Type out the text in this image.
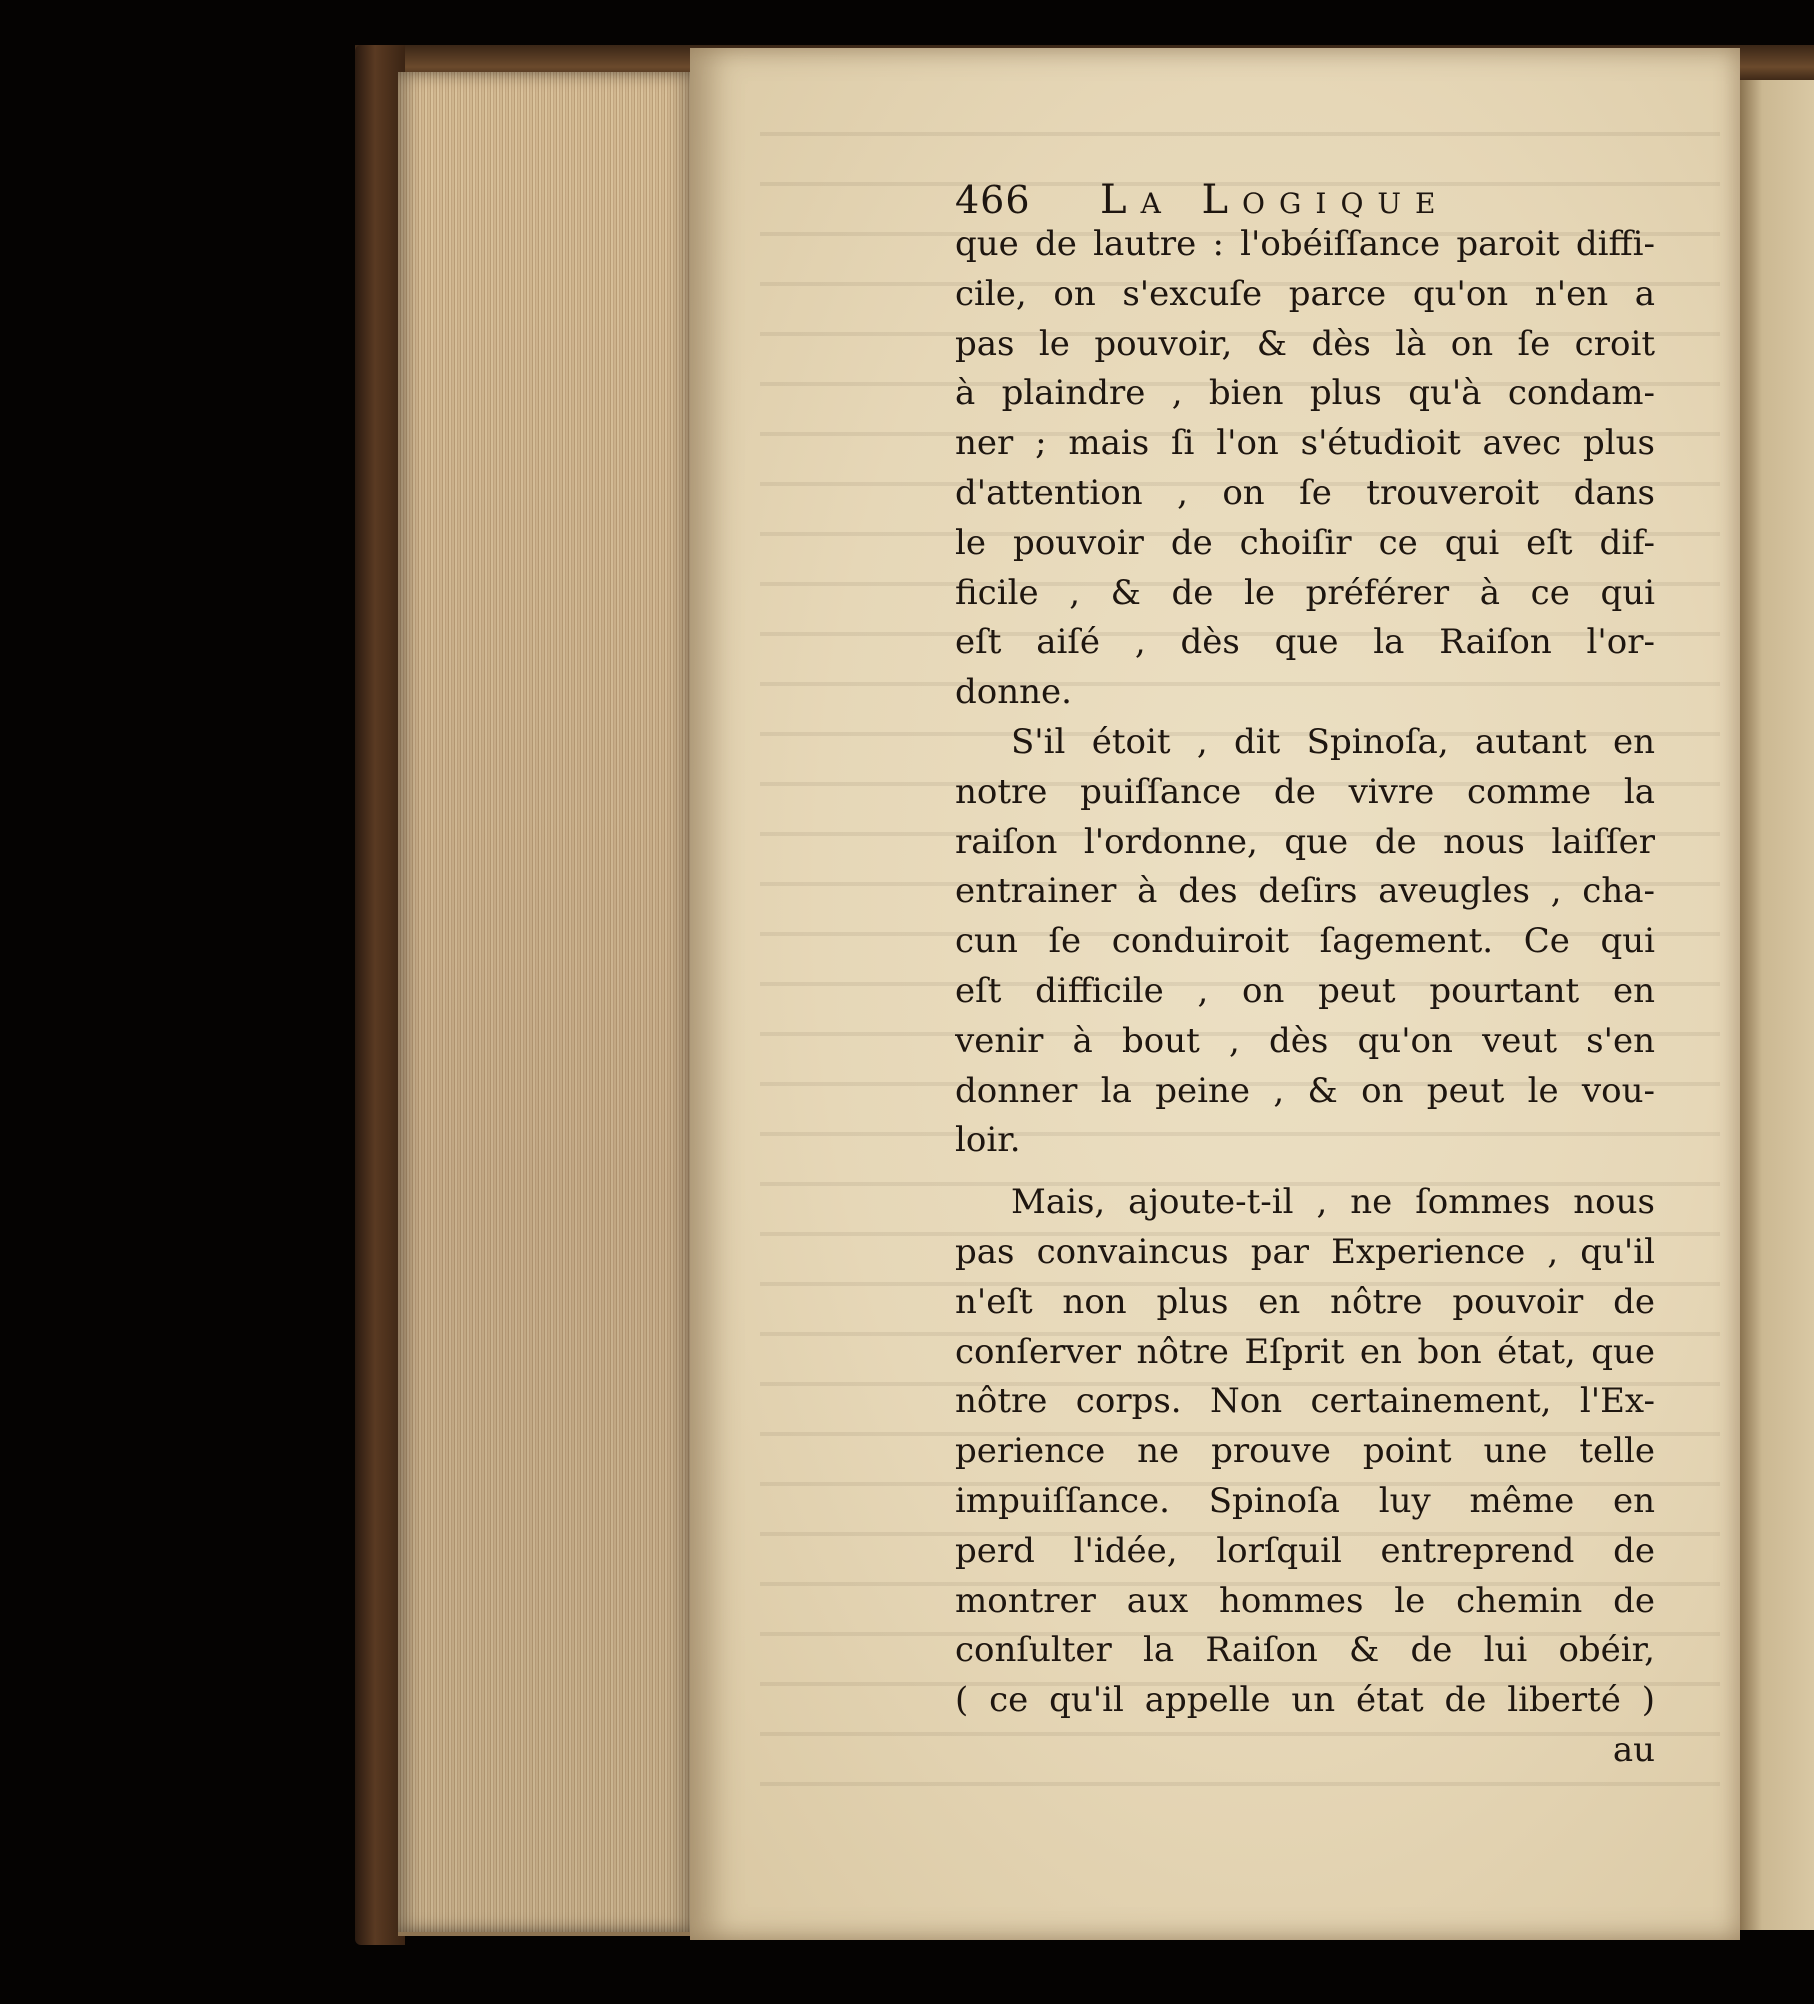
466	La Logique
que de lautre : l'obéiſſance paroit diffi-
cile, on s'excuſe parce qu'on n'en a
pas le pouvoir, & dès là on ſe croit
à plaindre , bien plus qu'à condam-
ner ; mais ſi l'on s'étudioit avec plus
d'attention , on ſe trouveroit dans
le pouvoir de choiſir ce qui eſt dif-
ficile , & de le préférer à ce qui
eſt aiſé , dès que la Raiſon l'or-
donne.
S'il étoit , dit Spinoſa, autant en
notre puiſſance de vivre comme la
raiſon l'ordonne, que de nous laiſſer
entrainer à des deſirs aveugles , cha-
cun ſe conduiroit ſagement. Ce qui
eſt difficile , on peut pourtant en
venir à bout , dès qu'on veut s'en
donner la peine , & on peut le vou-
loir.
Mais, ajoute-t-il , ne ſommes nous
pas convaincus par Experience , qu'il
n'eſt non plus en nôtre pouvoir de
conſerver nôtre Eſprit en bon état, que
nôtre corps. Non certainement, l'Ex-
perience ne prouve point une telle
impuiſſance. Spinoſa luy même en
perd l'idée, lorſquil entreprend de
montrer aux hommes le chemin de
conſulter la Raiſon & de lui obéir,
( ce qu'il appelle un état de liberté )
au
